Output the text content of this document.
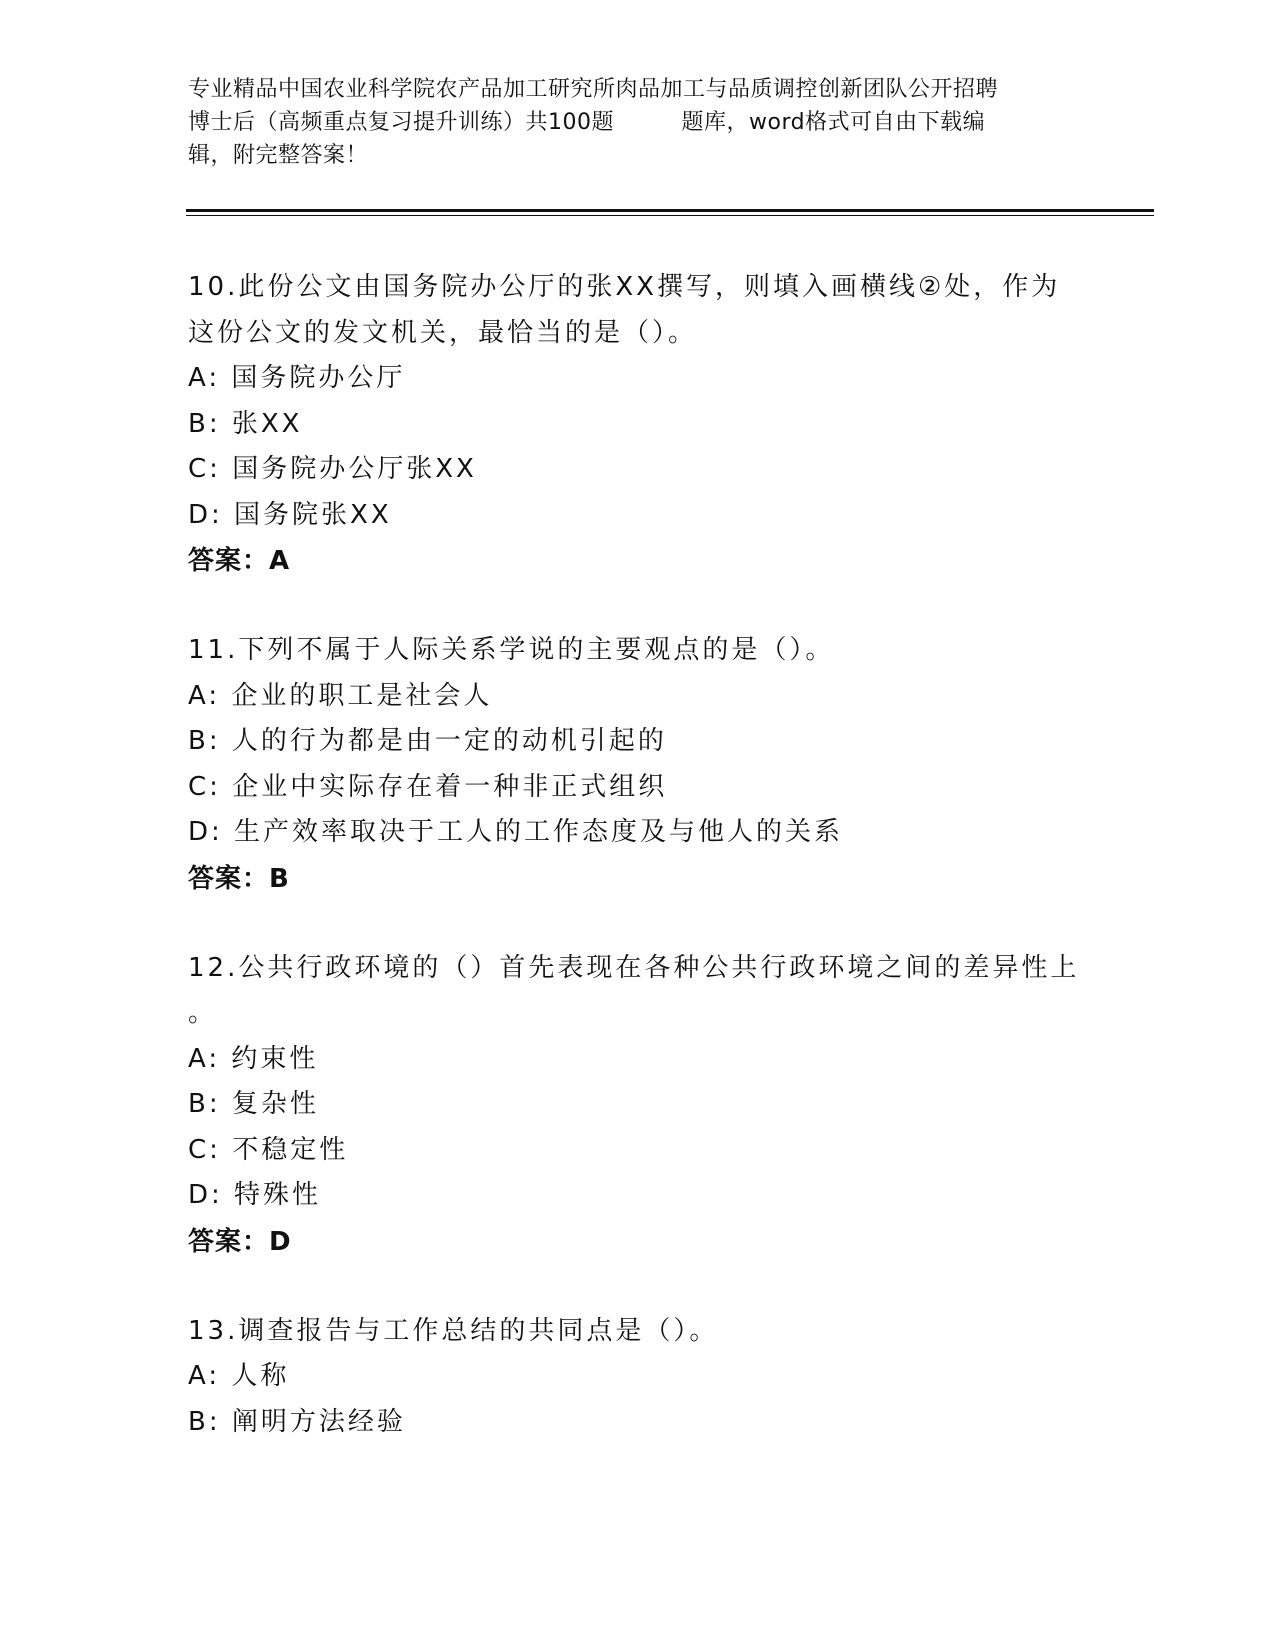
专业精品中国农业科学院农产品加工研究所肉品加工与品质调控创新团队公开招聘
博士后（高频重点复习提升训练）共100题　　　题库，word格式可自由下载编
辑，附完整答案！
10.此份公文由国务院办公厅的张XX撰写，则填入画横线②处，作为
这份公文的发文机关，最恰当的是（）。
A: 国务院办公厅
B: 张XX
C: 国务院办公厅张XX
D: 国务院张XX
答案：A
11.下列不属于人际关系学说的主要观点的是（）。
A: 企业的职工是社会人
B: 人的行为都是由一定的动机引起的
C: 企业中实际存在着一种非正式组织
D: 生产效率取决于工人的工作态度及与他人的关系
答案：B
12.公共行政环境的（）首先表现在各种公共行政环境之间的差异性上
。
A: 约束性
B: 复杂性
C: 不稳定性
D: 特殊性
答案：D
13.调查报告与工作总结的共同点是（）。
A: 人称
B: 阐明方法经验
